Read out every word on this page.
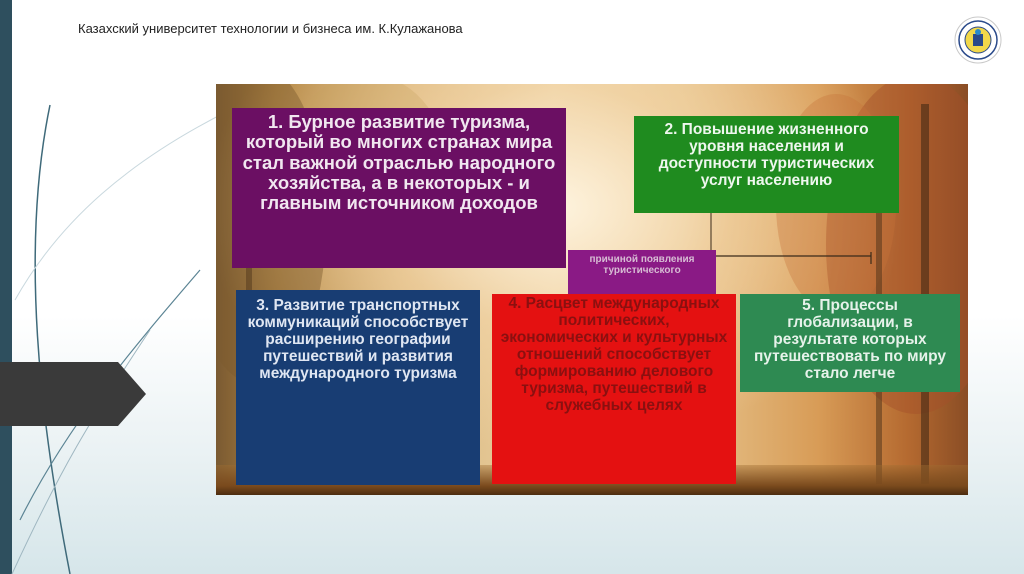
Казахский университет технологии и бизнеса им. К.Кулажанова
1. Бурное развитие туризма, который во многих странах мира стал важной отраслью народного хозяйства, а в некоторых - и главным источником доходов
2. Повышение жизненного уровня населения и доступности туристических услуг населению
причиной появления туристического
3. Развитие транспортных коммуникаций способствует расширению географии путешествий и развития международного туризма
4. Расцвет международных политических, экономических и культурных отношений способствует формированию делового туризма, путешествий в служебных целях
5. Процессы глобализации, в результате которых путешествовать по миру стало легче
